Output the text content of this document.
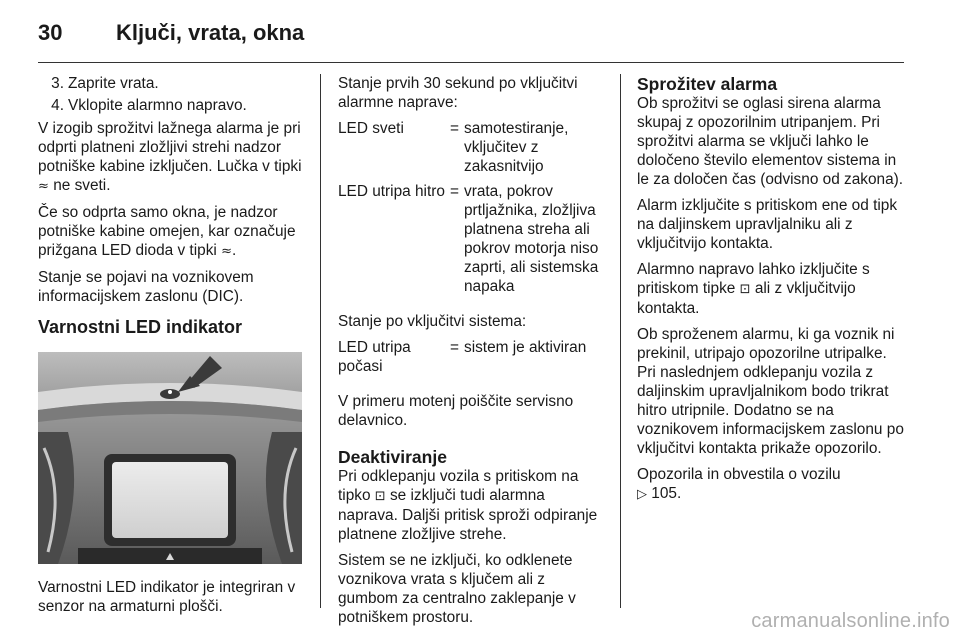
30 Ključi, vrata, okna
3. Zaprite vrata.
4. Vklopite alarmno napravo.

V izogib sprožitvi lažnega alarma je pri odprti platneni zložljivi strehi nadzor potniške kabine izključen. Lučka v tipki ≈ ne sveti.

Če so odprta samo okna, je nadzor potniške kabine omejen, kar označuje prižgana LED dioda v tipki ≈.

Stanje se pojavi na voznikovem informacijskem zaslonu (DIC).

Varnostni LED indikator

Varnostni LED indikator je integriran v senzor na armaturni plošči.

Stanje prvih 30 sekund po vključitvi alarmne naprave:

LED sveti	= samotestiranje, vključitev z zakasnitvijo
LED utripa hitro = vrata, pokrov prtljažnika, zložljiva platnena streha ali pokrov motorja niso zaprti, ali sistemska napaka

Stanje po vključitvi sistema:

LED utripa počasi
= sistem je aktiviran

V primeru motenj poiščite servisno delavnico.

Deaktiviranje

Pri odklepanju vozila s pritiskom na tipko ⊡ se izključi tudi alarmna naprava. Dalјši pritisk sproži odpiranje platnene zložljive strehe.

Sistem se ne izključi, ko odklenete voznikova vrata s ključem ali z gumbom za centralno zaklepanje v potniškem prostoru.

Sprožitev alarma

Ob sprožitvi se oglasi sirena alarma skupaj z opozorilnim utripanjem. Pri sprožitvi alarma se vključi lahko le določeno število elementov sistema in le za določen čas (odvisno od zakona).

Alarm izključite s pritiskom ene od tipk na daljinskem upravljalniku ali z vključitvijo kontakta.

Alarmno napravo lahko izključite s pritiskom tipke ⊡ ali z vključitvijo kontakta.

Ob sproženem alarmu, ki ga voznik ni prekinil, utripajo opozorilne utripalke. Pri naslednjem odklepanju vozila z daljinskim upravljalnikom bodo trikrat hitro utripnile. Dodatno se na voznikovem informacijskem zaslonu po vključitvi kontakta prikaže opozorilo.

Opozorila in obvestila o vozilu
▷ 105.

carmanualsonline.info
